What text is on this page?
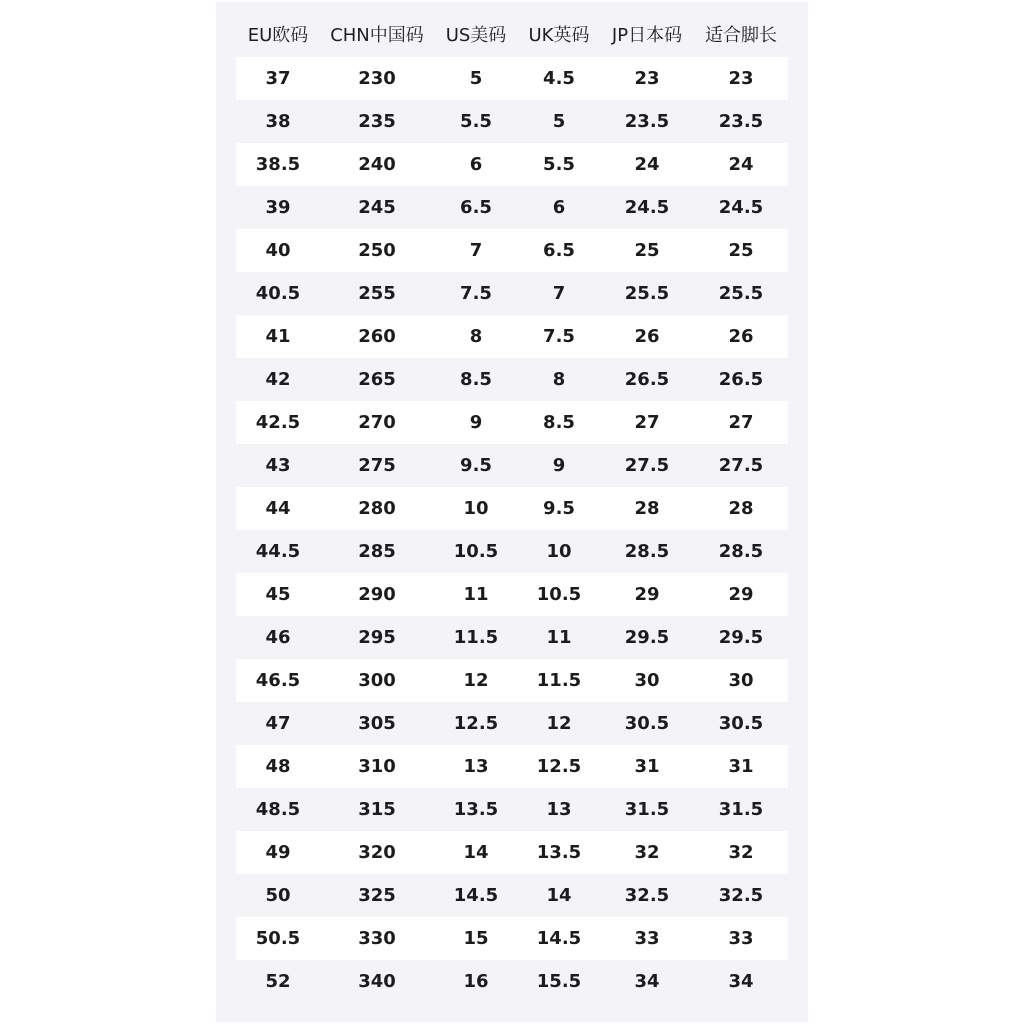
EU欧码	CHN中国码	US美码	UK英码	JP日本码	适合脚长
37	230	5	4.5	23	23
38	235	5.5	5	23.5	23.5
38.5	240	6	5.5	24	24
39	245	6.5	6	24.5	24.5
40	250	7	6.5	25	25
40.5	255	7.5	7	25.5	25.5
41	260	8	7.5	26	26
42	265	8.5	8	26.5	26.5
42.5	270	9	8.5	27	27
43	275	9.5	9	27.5	27.5
44	280	10	9.5	28	28
44.5	285	10.5	10	28.5	28.5
45	290	11	10.5	29	29
46	295	11.5	11	29.5	29.5
46.5	300	12	11.5	30	30
47	305	12.5	12	30.5	30.5
48	310	13	12.5	31	31
48.5	315	13.5	13	31.5	31.5
49	320	14	13.5	32	32
50	325	14.5	14	32.5	32.5
50.5	330	15	14.5	33	33
52	340	16	15.5	34	34
